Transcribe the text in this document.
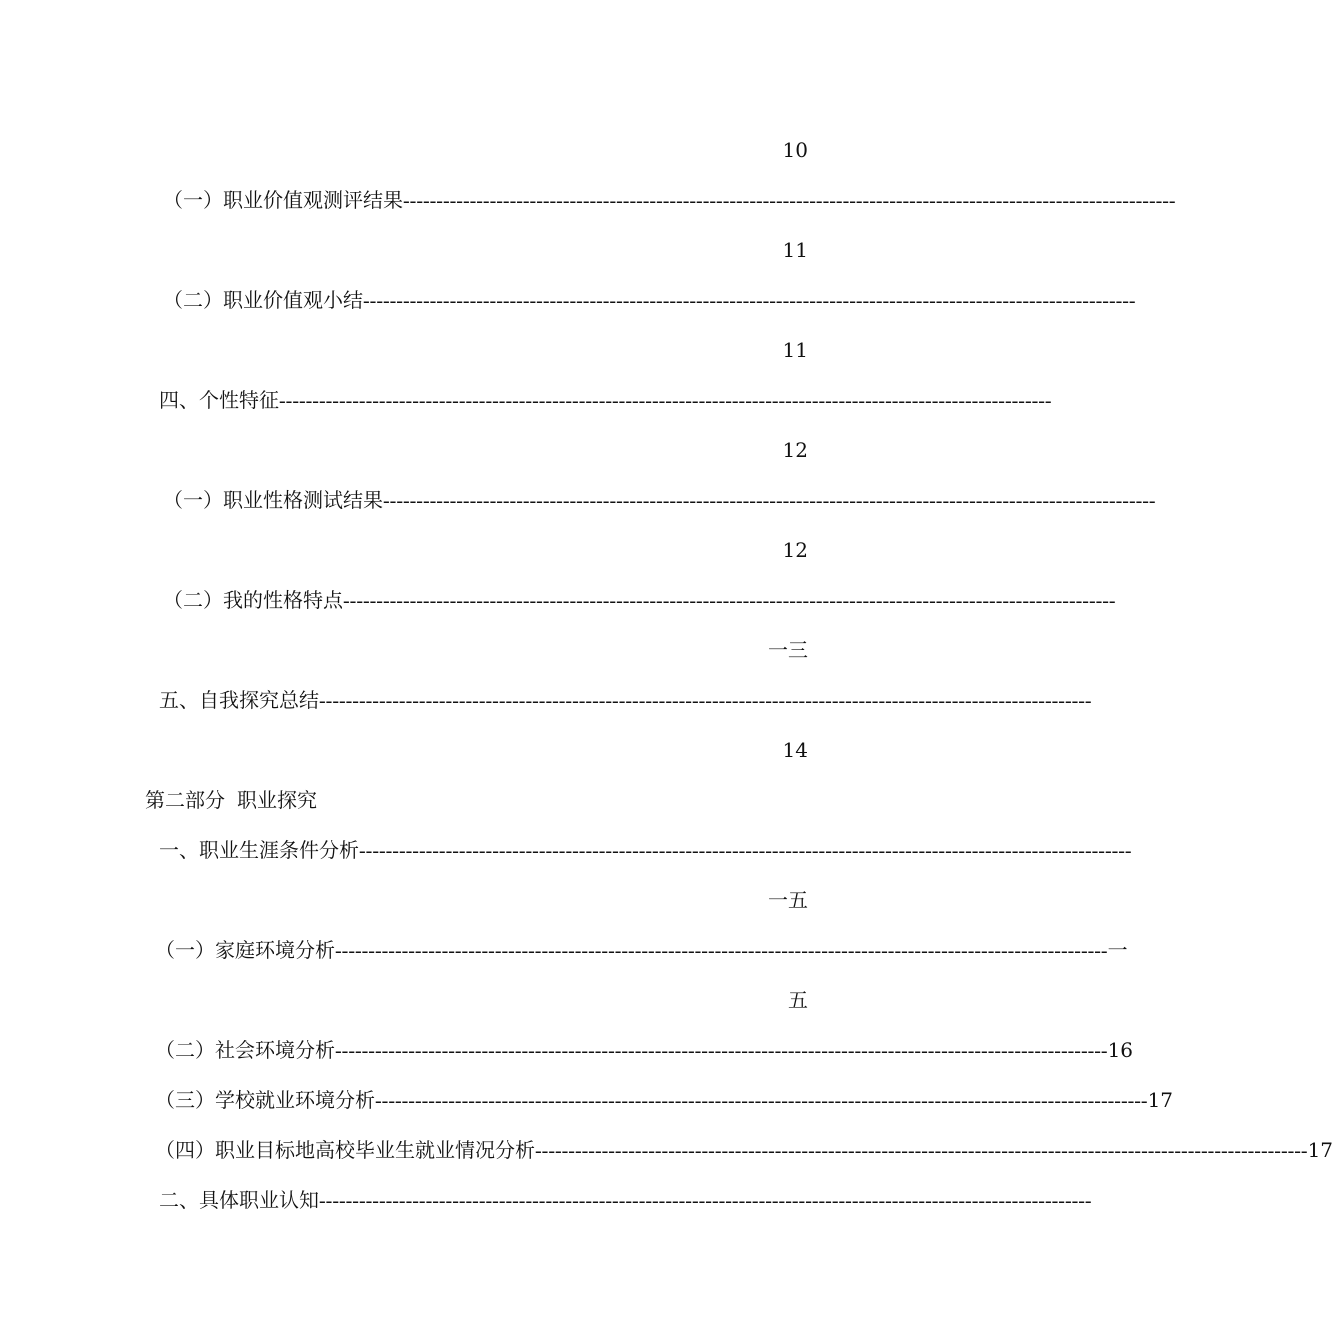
10
（一）职业价值观测评结果 --------------------------------------------------------------------------------------------------------------------
11
（二）职业价值观小结 --------------------------------------------------------------------------------------------------------------------
11
四、个性特征 --------------------------------------------------------------------------------------------------------------------
12
（一）职业性格测试结果 --------------------------------------------------------------------------------------------------------------------
12
（二）我的性格特点 --------------------------------------------------------------------------------------------------------------------
一三
五、自我探究总结 --------------------------------------------------------------------------------------------------------------------
14
第二部分 职业探究
一、职业生涯条件分析 --------------------------------------------------------------------------------------------------------------------
一五
（一）家庭环境分析 -------------------------------------------------------------------------------------------------------------------- 一
五
（二）社会环境分析 -------------------------------------------------------------------------------------------------------------------- 16
（三）学校就业环境分析 -------------------------------------------------------------------------------------------------------------------- 17
（四）职业目标地高校毕业生就业情况分析 -------------------------------------------------------------------------------------------------------------------- 17
二、具体职业认知 --------------------------------------------------------------------------------------------------------------------
